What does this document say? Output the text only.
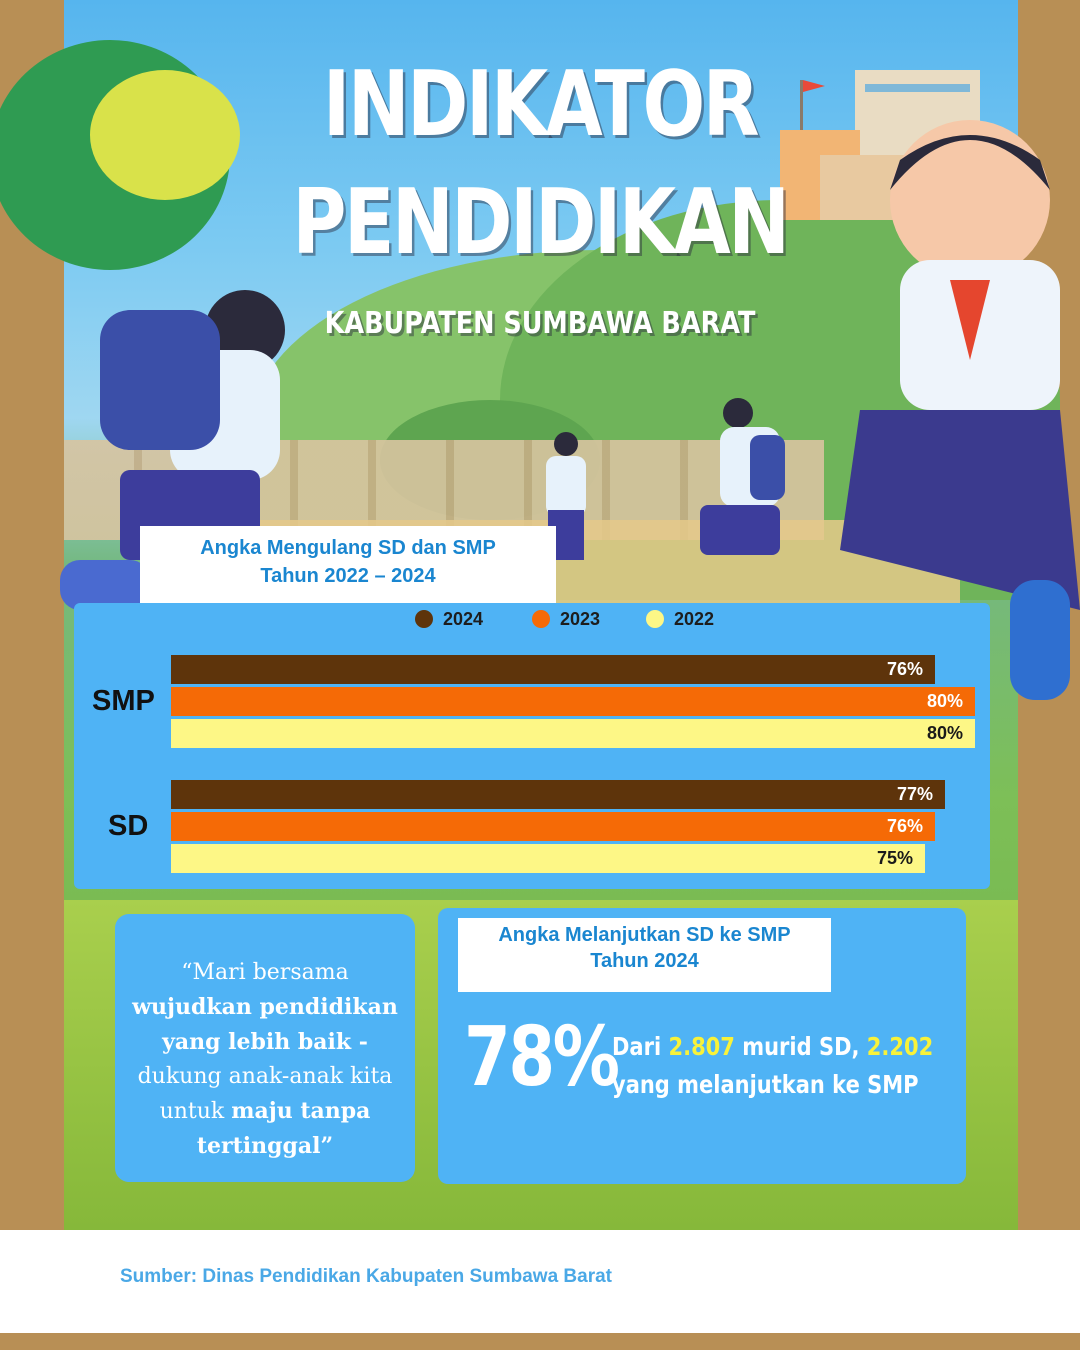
INDIKATOR
PENDIDIKAN
KABUPATEN SUMBAWA BARAT
Angka Mengulang SD dan SMP
Tahun 2022 – 2024
2024	2023	2022
SMP
76%
80%
80%
SD
77%
76%
75%
“Mari bersama
wujudkan pendidikan
yang lebih baik -
dukung anak-anak kita
untuk maju tanpa
tertinggal”
Angka Melanjutkan SD ke SMP
Tahun 2024
78%
Dari 2.807 murid SD, 2.202
yang melanjutkan ke SMP
Sumber: Dinas Pendidikan Kabupaten Sumbawa Barat
